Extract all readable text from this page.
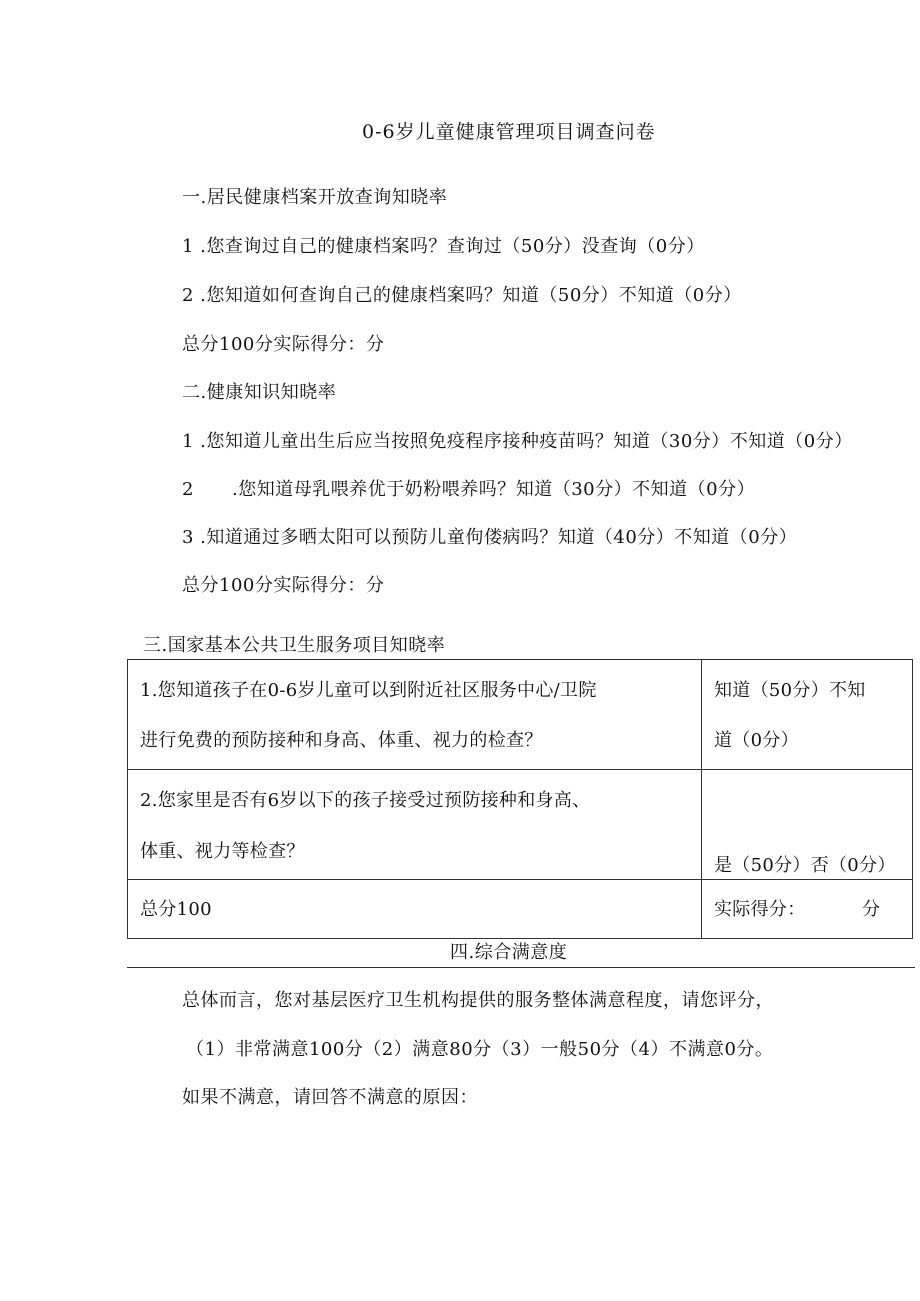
0-6岁儿童健康管理项目调查问卷
一.居民健康档案开放查询知晓率
1 .您查询过自己的健康档案吗？查询过（50分）没查询（0分）
2 .您知道如何查询自己的健康档案吗？知道（50分）不知道（0分）
总分100分实际得分：分
二.健康知识知晓率
1 .您知道儿童出生后应当按照免疫程序接种疫苗吗？知道（30分）不知道（0分）
2 .您知道母乳喂养优于奶粉喂养吗？知道（30分）不知道（0分）
3 .知道通过多晒太阳可以预防儿童佝偻病吗？知道（40分）不知道（0分）
总分100分实际得分：分
三.国家基本公共卫生服务项目知晓率
1.您知道孩子在0-6岁儿童可以到附近社区服务中心/卫院
进行免费的预防接种和身高、体重、视力的检查？
知道（50分）不知
道（0分）
2.您家里是否有6岁以下的孩子接受过预防接种和身高、
体重、视力等检查？
是（50分）否（0分）
总分100	实际得分：	分
四.综合满意度
总体而言，您对基层医疗卫生机构提供的服务整体满意程度，请您评分，
（1）非常满意100分（2）满意80分（3）一般50分（4）不满意0分。
如果不满意，请回答不满意的原因：
